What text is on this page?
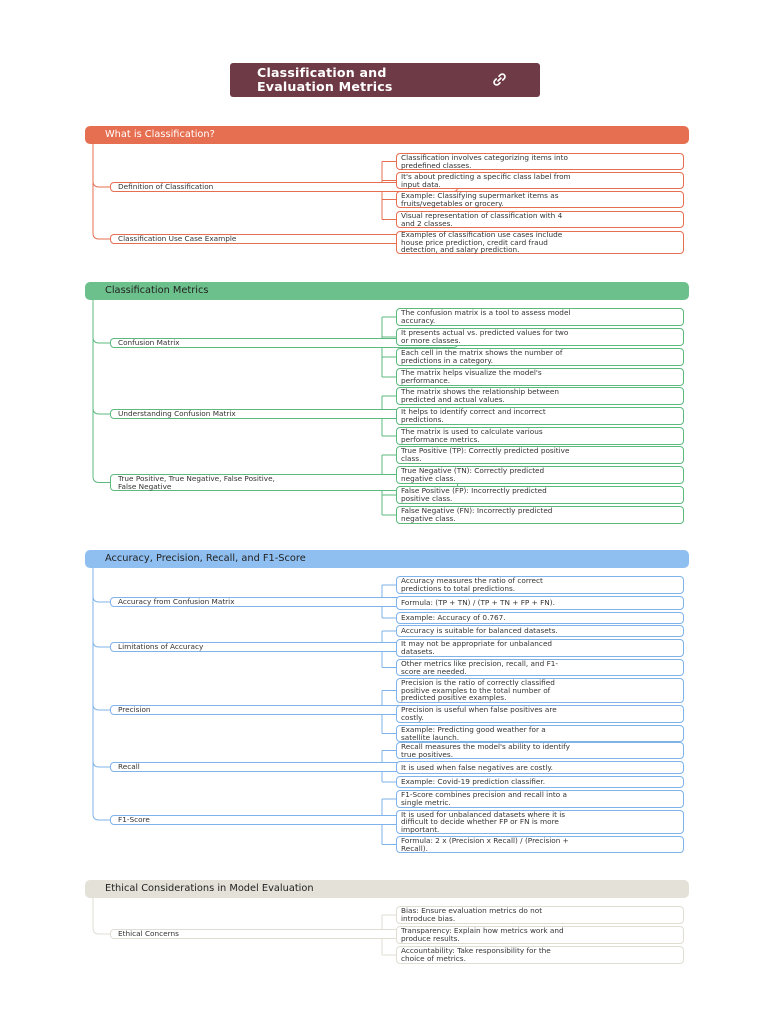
Classification and
Evaluation Metrics
What is Classification?
Definition of Classification
Classification involves categorizing items into
predefined classes.
It's about predicting a specific class label from
input data.
Example: Classifying supermarket items as
fruits/vegetables or grocery.
Visual representation of classification with 4
and 2 classes.
Classification Use Case Example	Examples of classification use cases include
house price prediction, credit card fraud
detection, and salary prediction.
Classification Metrics
Confusion Matrix
The confusion matrix is a tool to assess model
accuracy.
It presents actual vs. predicted values for two
or more classes.
Each cell in the matrix shows the number of
predictions in a category.
The matrix helps visualize the model's
performance.
Understanding Confusion Matrix
The matrix shows the relationship between
predicted and actual values.
It helps to identify correct and incorrect
predictions.
The matrix is used to calculate various
performance metrics.
True Positive, True Negative, False Positive,
False Negative
True Positive (TP): Correctly predicted positive
class.
True Negative (TN): Correctly predicted
negative class.
False Positive (FP): Incorrectly predicted
positive class.
False Negative (FN): Incorrectly predicted
negative class.
Accuracy, Precision, Recall, and F1-Score
Accuracy from Confusion Matrix
Accuracy measures the ratio of correct
predictions to total predictions.
Formula: (TP + TN) / (TP + TN + FP + FN).
Example: Accuracy of 0.767.
Limitations of Accuracy
Accuracy is suitable for balanced datasets.
It may not be appropriate for unbalanced
datasets.
Other metrics like precision, recall, and F1-
score are needed.
Precision
Precision is the ratio of correctly classified
positive examples to the total number of
predicted positive examples.
Precision is useful when false positives are
costly.
Example: Predicting good weather for a
satellite launch.
Recall
Recall measures the model's ability to identify
true positives.
It is used when false negatives are costly.
Example: Covid-19 prediction classifier.
F1-Score
F1-Score combines precision and recall into a
single metric.
It is used for unbalanced datasets where it is
difficult to decide whether FP or FN is more
important.
Formula: 2 x (Precision x Recall) / (Precision +
Recall).
Ethical Considerations in Model Evaluation
Ethical Concerns
Bias: Ensure evaluation metrics do not
introduce bias.
Transparency: Explain how metrics work and
produce results.
Accountability: Take responsibility for the
choice of metrics.
